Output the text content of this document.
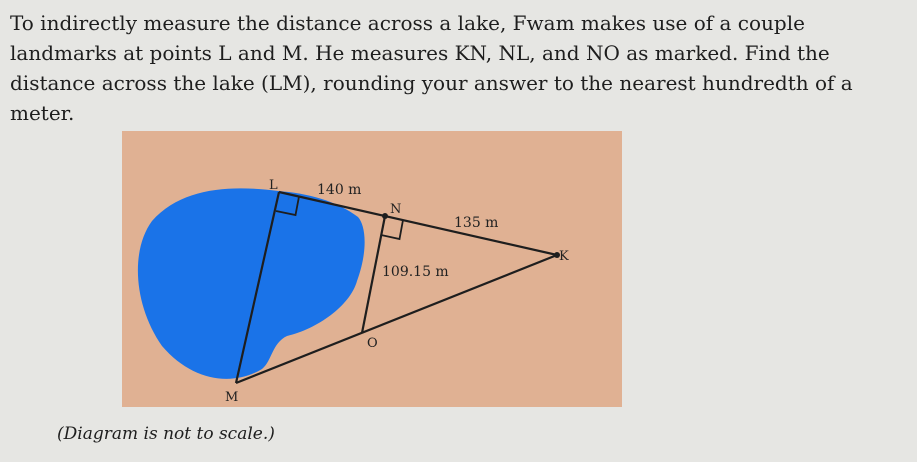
To indirectly measure the distance across a lake, Fwam makes use of a couple landmarks at points L and M. He measures KN, NL, and NO as marked. Find the distance across the lake (LM), rounding your answer to the nearest hundredth of a meter.

L
N
K
O
M
140 m
135 m
109.15 m
(Diagram is not to scale.)
